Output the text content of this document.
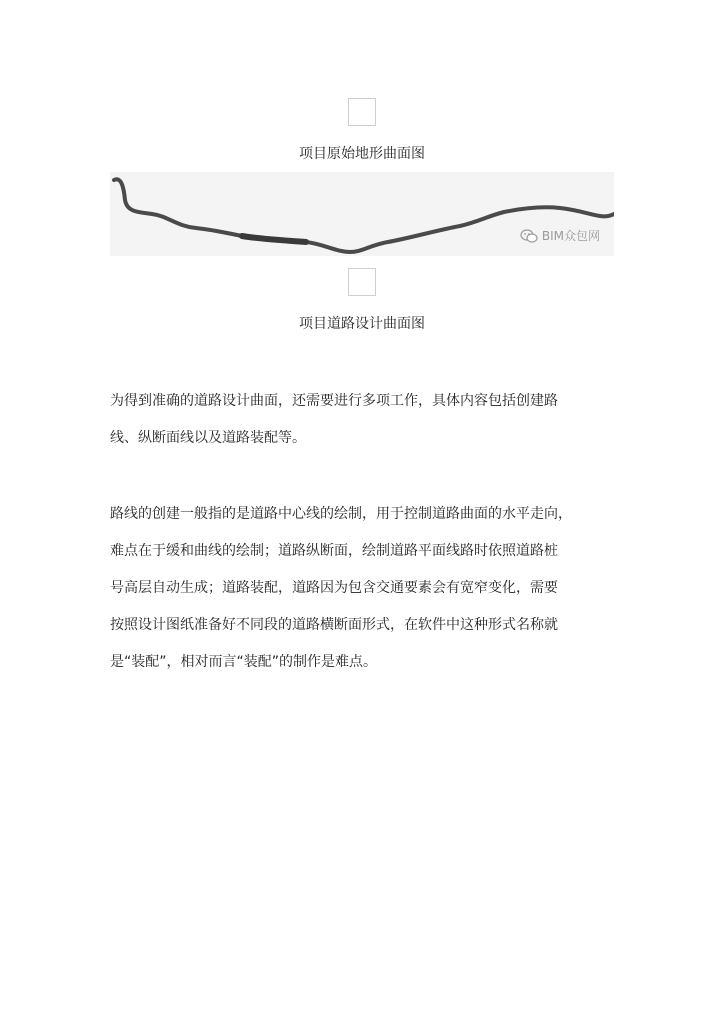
项目原始地形曲面图
BIM众包网
项目道路设计曲面图

为得到准确的道路设计曲面，还需要进行多项工作，具体内容包括创建路

线、纵断面线以及道路装配等。

路线的创建一般指的是道路中心线的绘制，用于控制道路曲面的水平走向，

难点在于缓和曲线的绘制；道路纵断面，绘制道路平面线路时依照道路桩

号高层自动生成；道路装配，道路因为包含交通要素会有宽窄变化，需要

按照设计图纸准备好不同段的道路横断面形式，在软件中这种形式名称就

是“装配”，相对而言“装配”的制作是难点。
